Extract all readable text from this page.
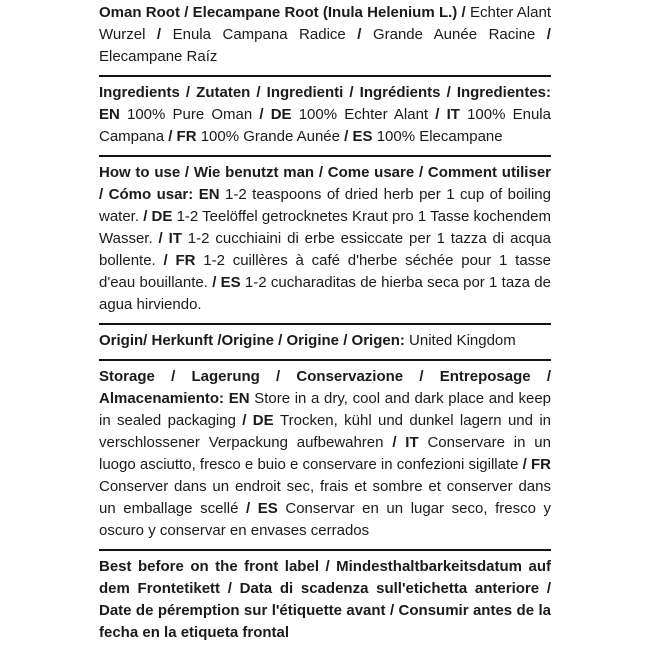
Oman Root / Elecampane Root (Inula Helenium L.) / Echter Alant Wurzel / Enula Campana Radice / Grande Aunée Racine / Elecampane Raíz

Ingredients / Zutaten / Ingredienti / Ingrédients / Ingredientes: EN 100% Pure Oman / DE 100% Echter Alant / IT 100% Enula Campana / FR 100% Grande Aunée / ES 100% Elecampane

How to use / Wie benutzt man / Come usare / Comment utiliser / Cómo usar: EN 1-2 teaspoons of dried herb per 1 cup of boiling water. / DE 1-2 Teelöffel getrocknetes Kraut pro 1 Tasse kochendem Wasser. / IT 1-2 cucchiaini di erbe essiccate per 1 tazza di acqua bollente. / FR 1-2 cuillères à café d'herbe séchée pour 1 tasse d'eau bouillante. / ES 1-2 cucharaditas de hierba seca por 1 taza de agua hirviendo.

Origin/ Herkunft /Origine / Origine / Origen: United Kingdom

Storage / Lagerung / Conservazione / Entreposage / Almacenamiento: EN Store in a dry, cool and dark place and keep in sealed packaging / DE Trocken, kühl und dunkel lagern und in verschlossener Verpackung aufbewahren / IT Conservare in un luogo asciutto, fresco e buio e conservare in confezioni sigillate / FR Conserver dans un endroit sec, frais et sombre et conserver dans un emballage scellé / ES Conservar en un lugar seco, fresco y oscuro y conservar en envases cerrados

Best before on the front label / Mindesthaltbarkeitsdatum auf dem Frontetikett / Data di scadenza sull'etichetta anteriore / Date de péremption sur l'étiquette avant / Consumir antes de la fecha en la etiqueta frontal
